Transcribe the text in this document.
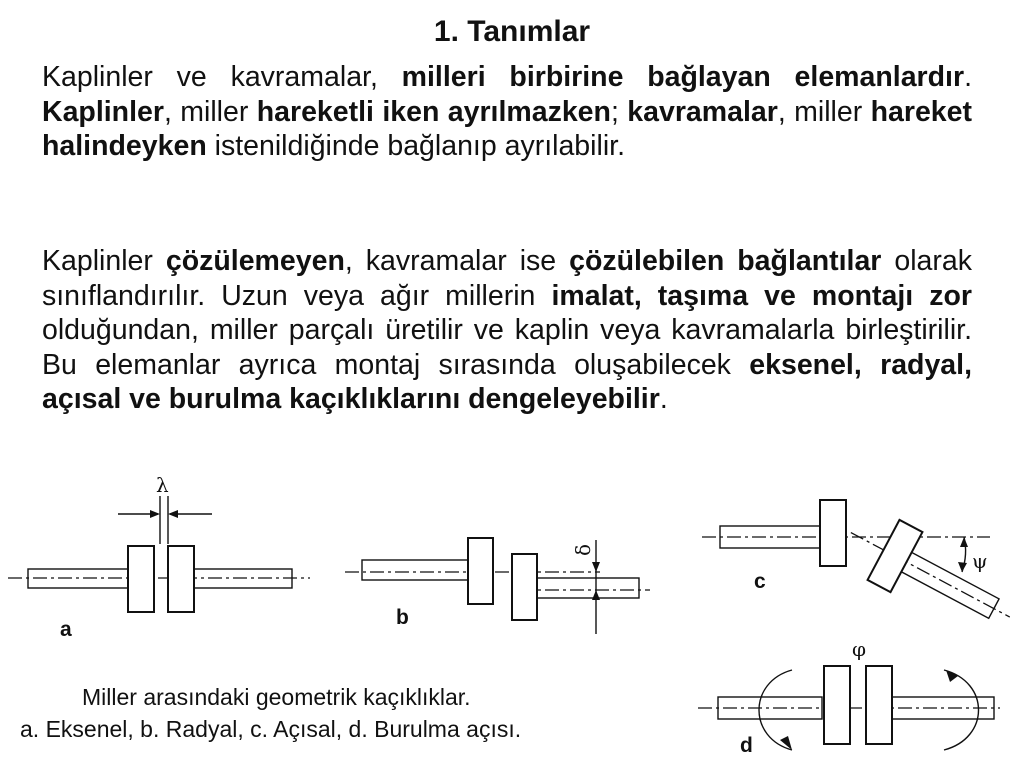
1. Tanımlar

Kaplinler ve kavramalar, milleri birbirine bağlayan elemanlardır. Kaplinler, miller hareketli iken ayrılmazken; kavramalar, miller hareket halindeyken istenildiğinde bağlanıp ayrılabilir.

Kaplinler çözülemeyen, kavramalar ise çözülebilen bağlantılar olarak sınıflandırılır. Uzun veya ağır millerin imalat, taşıma ve montajı zor olduğundan, miller parçalı üretilir ve kaplin veya kavramalarla birleştirilir. Bu elemanlar ayrıca montaj sırasında oluşabilecek eksenel, radyal, açısal ve burulma kaçıklıklarını dengeleyebilir.

λ
a
δ
b
ψ
c
φ
d
Miller arasındaki geometrik kaçıklıklar.
a. Eksenel, b. Radyal, c. Açısal, d. Burulma açısı.
